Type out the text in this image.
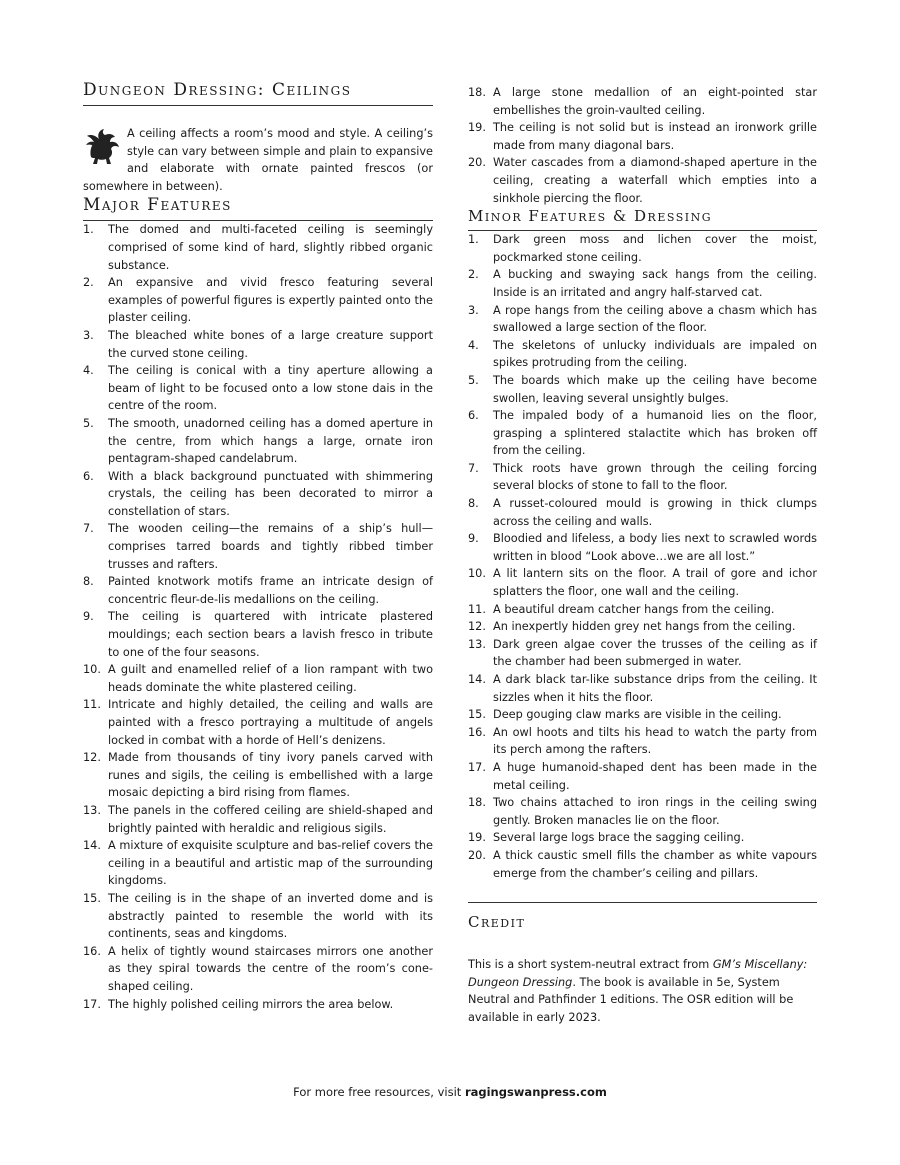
Dungeon Dressing: Ceilings
A ceiling affects a room’s mood and style. A ceiling’s style can vary between simple and plain to expansive and elaborate with ornate painted frescos (or somewhere in between).
Major Features
1. The domed and multi-faceted ceiling is seemingly comprised of some kind of hard, slightly ribbed organic substance.
2. An expansive and vivid fresco featuring several examples of powerful figures is expertly painted onto the plaster ceiling.
3. The bleached white bones of a large creature support the curved stone ceiling.
4. The ceiling is conical with a tiny aperture allowing a beam of light to be focused onto a low stone dais in the centre of the room.
5. The smooth, unadorned ceiling has a domed aperture in the centre, from which hangs a large, ornate iron pentagram-shaped candelabrum.
6. With a black background punctuated with shimmering crystals, the ceiling has been decorated to mirror a constellation of stars.
7. The wooden ceiling—the remains of a ship’s hull—comprises tarred boards and tightly ribbed timber trusses and rafters.
8. Painted knotwork motifs frame an intricate design of concentric fleur-de-lis medallions on the ceiling.
9. The ceiling is quartered with intricate plastered mouldings; each section bears a lavish fresco in tribute to one of the four seasons.
10. A guilt and enamelled relief of a lion rampant with two heads dominate the white plastered ceiling.
11. Intricate and highly detailed, the ceiling and walls are painted with a fresco portraying a multitude of angels locked in combat with a horde of Hell’s denizens.
12. Made from thousands of tiny ivory panels carved with runes and sigils, the ceiling is embellished with a large mosaic depicting a bird rising from flames.
13. The panels in the coffered ceiling are shield-shaped and brightly painted with heraldic and religious sigils.
14. A mixture of exquisite sculpture and bas-relief covers the ceiling in a beautiful and artistic map of the surrounding kingdoms.
15. The ceiling is in the shape of an inverted dome and is abstractly painted to resemble the world with its continents, seas and kingdoms.
16. A helix of tightly wound staircases mirrors one another as they spiral towards the centre of the room’s cone-shaped ceiling.
17. The highly polished ceiling mirrors the area below.
18. A large stone medallion of an eight-pointed star embellishes the groin-vaulted ceiling.
19. The ceiling is not solid but is instead an ironwork grille made from many diagonal bars.
20. Water cascades from a diamond-shaped aperture in the ceiling, creating a waterfall which empties into a sinkhole piercing the floor.
Minor Features & Dressing
1. Dark green moss and lichen cover the moist, pockmarked stone ceiling.
2. A bucking and swaying sack hangs from the ceiling. Inside is an irritated and angry half-starved cat.
3. A rope hangs from the ceiling above a chasm which has swallowed a large section of the floor.
4. The skeletons of unlucky individuals are impaled on spikes protruding from the ceiling.
5. The boards which make up the ceiling have become swollen, leaving several unsightly bulges.
6. The impaled body of a humanoid lies on the floor, grasping a splintered stalactite which has broken off from the ceiling.
7. Thick roots have grown through the ceiling forcing several blocks of stone to fall to the floor.
8. A russet-coloured mould is growing in thick clumps across the ceiling and walls.
9. Bloodied and lifeless, a body lies next to scrawled words written in blood “Look above…we are all lost.”
10. A lit lantern sits on the floor. A trail of gore and ichor splatters the floor, one wall and the ceiling.
11. A beautiful dream catcher hangs from the ceiling.
12. An inexpertly hidden grey net hangs from the ceiling.
13. Dark green algae cover the trusses of the ceiling as if the chamber had been submerged in water.
14. A dark black tar-like substance drips from the ceiling. It sizzles when it hits the floor.
15. Deep gouging claw marks are visible in the ceiling.
16. An owl hoots and tilts his head to watch the party from its perch among the rafters.
17. A huge humanoid-shaped dent has been made in the metal ceiling.
18. Two chains attached to iron rings in the ceiling swing gently. Broken manacles lie on the floor.
19. Several large logs brace the sagging ceiling.
20. A thick caustic smell fills the chamber as white vapours emerge from the chamber’s ceiling and pillars.
Credit
This is a short system-neutral extract from GM’s Miscellany: Dungeon Dressing. The book is available in 5e, System Neutral and Pathfinder 1 editions. The OSR edition will be available in early 2023.
For more free resources, visit ragingswanpress.com
